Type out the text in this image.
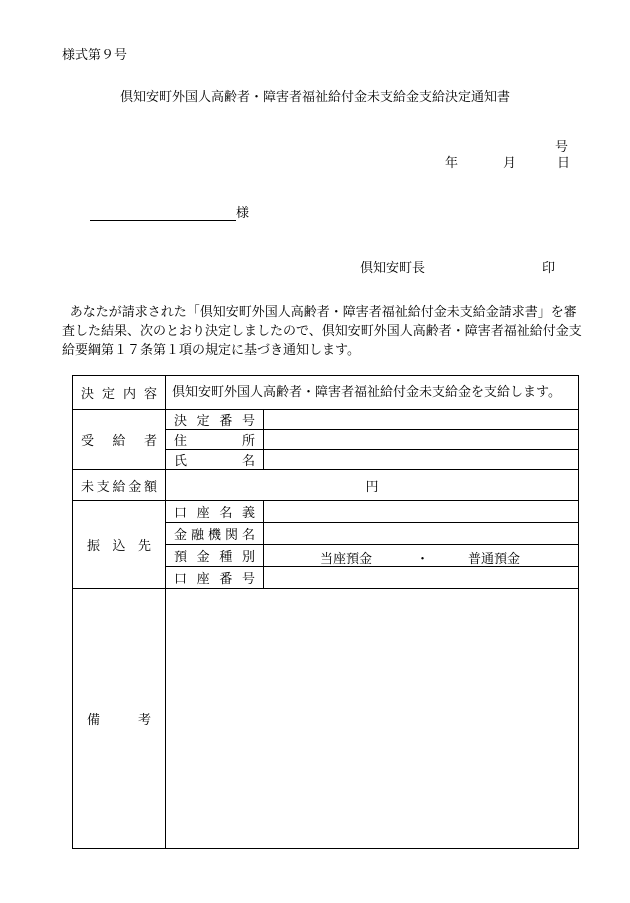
様式第９号
倶知安町外国人高齢者・障害者福祉給付金未支給金支給決定通知書
号
年	月	日
様
倶知安町長	印
あなたが請求された「倶知安町外国人高齢者・障害者福祉給付金未支給金請求書」を審査した結果、次のとおり決定しましたので、倶知安町外国人高齢者・障害者福祉給付金支給要綱第１７条第１項の規定に基づき通知します。
決定内容	倶知安町外国人高齢者・障害者福祉給付金未支給金を支給します。	
受給者	決定番号	
	住所	
	氏名	
未支給金額	円	
振込先	口座名義	
	金融機関名	
	預金種別	当座預金 ・ 普通預金

	口座番号	
備考		
